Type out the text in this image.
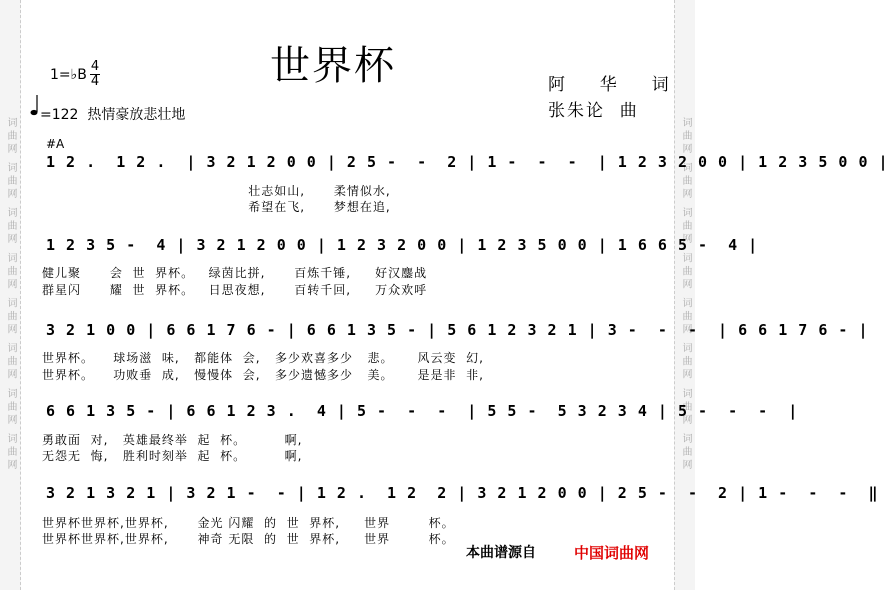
词曲网 词曲网 词曲网 词曲网 词曲网 词曲网 词曲网 词曲网	词曲网 词曲网 词曲网 词曲网 词曲网 词曲网 词曲网 词曲网
世界杯
1=♭B
4
4
=122  热情豪放悲壮地
阿  华  词
张朱论  曲
#A
1 2 .  1 2 .  | 3 2 1 2 0 0 | 2 5 -  -  2 | 1 -  -  -  | 1 2 3 2 0 0 | 1 2 3 5 0 0 |
壮志如山,      柔情似水,
希望在飞,      梦想在追,
1 2 3 5 -  4 | 3 2 1 2 0 0 | 1 2 3 2 0 0 | 1 2 3 5 0 0 | 1 6 6 5 -  4 |
健儿聚      会  世  界杯。   绿茵比拼,      百炼千锤,     好汉鏖战
群星闪      耀  世  界杯。   日思夜想,      百转千回,     万众欢呼
3 2 1 0 0 | 6 6 1 7 6 - | 6 6 1 3 5 - | 5 6 1 2 3 2 1 | 3 -  -  -  | 6 6 1 7 6 - |
世界杯。    球场滋  味,   都能体  会,   多少欢喜多少   悲。     风云变  幻,
世界杯。    功败垂  成,   慢慢体  会,   多少遗憾多少   美。     是是非  非,
6 6 1 3 5 - | 6 6 1 2 3 .  4 | 5 -  -  -  | 5 5 -  5 3 2 3 4 | 5 -  -  -  |
勇敢面  对,   英雄最终举  起  杯。        啊,
无怨无  悔,   胜利时刻举  起  杯。        啊,
3 2 1 3 2 1 | 3 2 1 -  - | 1 2 .  1 2  2 | 3 2 1 2 0 0 | 2 5 -  -  2 | 1 -  -  -  ‖
世界杯世界杯,世界杯,      金光 闪耀  的  世  界杯,     世界        杯。
世界杯世界杯,世界杯,      神奇 无限  的  世  界杯,     世界        杯。
本曲谱源自	中国词曲网
